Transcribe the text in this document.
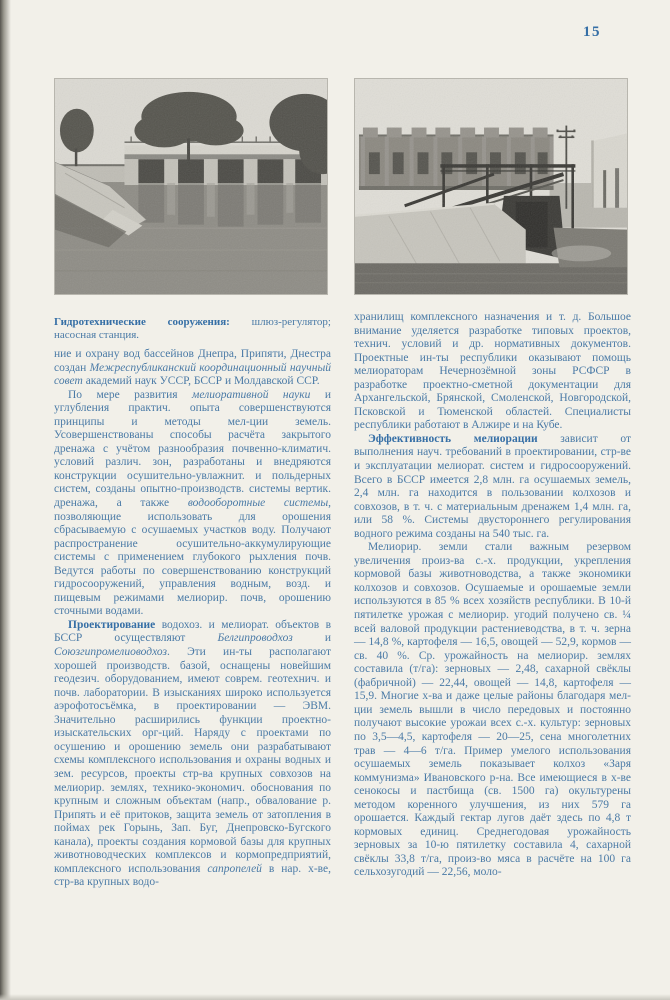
15

Гидротехнические сооружения: шлюз-регулятор; насосная станция.

ние и охрану вод бассейнов Днепра, Припяти, Днестра создан Межреспубликанский координационный научный совет академий наук УССР, БССР и Молдавской ССР.

По мере развития мелиоративной науки и углубления практич. опыта совершенствуются принципы и методы мел-ции земель. Усовершенствованы способы расчёта закрытого дренажа с учётом разнообразия почвенно-климатич. условий различ. зон, разработаны и внедряются конструкции осушительно-увлажнит. и польдерных систем, созданы опытно-производств. системы вертик. дренажа, а также водооборотные системы, позволяющие использовать для орошения сбрасываемую с осушаемых участков воду. Получают распространение осушительно-аккумулирующие системы с применением глубокого рыхления почв. Ведутся работы по совершенствованию конструкций гидросооружений, управления водным, возд. и пищевым режимами мелиорир. почв, орошению сточными водами.

Проектирование водохоз. и мелиорат. объектов в БССР осуществляют Белгипроводхоз и Союзгипромелиоводхоз. Эти ин-ты располагают хорошей производств. базой, оснащены новейшим геодезич. оборудованием, имеют соврем. геотехнич. и почв. лаборатории. В изысканиях широко используется аэрофотосъёмка, в проектировании — ЭВМ. Значительно расширились функции проектно-изыскательских орг-ций. Наряду с проектами по осушению и орошению земель они разрабатывают схемы комплексного использования и охраны водных и зем. ресурсов, проекты стр-ва крупных совхозов на мелиорир. землях, технико-экономич. обоснования по крупным и сложным объектам (напр., обвалование р. Припять и её притоков, защита земель от затопления в поймах рек Горынь, Зап. Буг, Днепровско-Бугского канала), проекты создания кормовой базы для крупных животноводческих комплексов и кормопредприятий, комплексного использования сапропелей в нар. х-ве, стр-ва крупных водо-

хранилищ комплексного назначения и т. д. Большое внимание уделяется разработке типовых проектов, технич. условий и др. нормативных документов. Проектные ин-ты республики оказывают помощь мелиораторам Нечернозёмной зоны РСФСР в разработке проектно-сметной документации для Архангельской, Брянской, Смоленской, Новгородской, Псковской и Тюменской областей. Специалисты республики работают в Алжире и на Кубе.

Эффективность мелиорации зависит от выполнения науч. требований в проектировании, стр-ве и эксплуатации мелиорат. систем и гидросооружений. Всего в БССР имеется 2,8 млн. га осушаемых земель, 2,4 млн. га находится в пользовании колхозов и совхозов, в т. ч. с материальным дренажем 1,4 млн. га, или 58 %. Системы двустороннего регулирования водного режима созданы на 540 тыс. га.

Мелиорир. земли стали важным резервом увеличения произ-ва с.-х. продукции, укрепления кормовой базы животноводства, а также экономики колхозов и совхозов. Осушаемые и орошаемые земли используются в 85 % всех хозяйств республики. В 10-й пятилетке урожая с мелиорир. угодий получено св. ¼ всей валовой продукции растениеводства, в т. ч. зерна — 14,8 %, картофеля — 16,5, овощей — 52,9, кормов — св. 40 %. Ср. урожайность на мелиорир. землях составила (т/га): зерновых — 2,48, сахарной свёклы (фабричной) — 22,44, овощей — 14,8, картофеля — 15,9. Многие х-ва и даже целые районы благодаря мел-ции земель вышли в число передовых и постоянно получают высокие урожаи всех с.-х. культур: зерновых по 3,5—4,5, картофеля — 20—25, сена многолетних трав — 4—6 т/га. Пример умелого использования осушаемых земель показывает колхоз «Заря коммунизма» Ивановского р-на. Все имеющиеся в х-ве сенокосы и пастбища (св. 1500 га) окультурены методом коренного улучшения, из них 579 га орошается. Каждый гектар лугов даёт здесь по 4,8 т кормовых единиц. Среднегодовая урожайность зерновых за 10-ю пятилетку составила 4, сахарной свёклы 33,8 т/га, произ-во мяса в расчёте на 100 га сельхозугодий — 22,56, моло-
